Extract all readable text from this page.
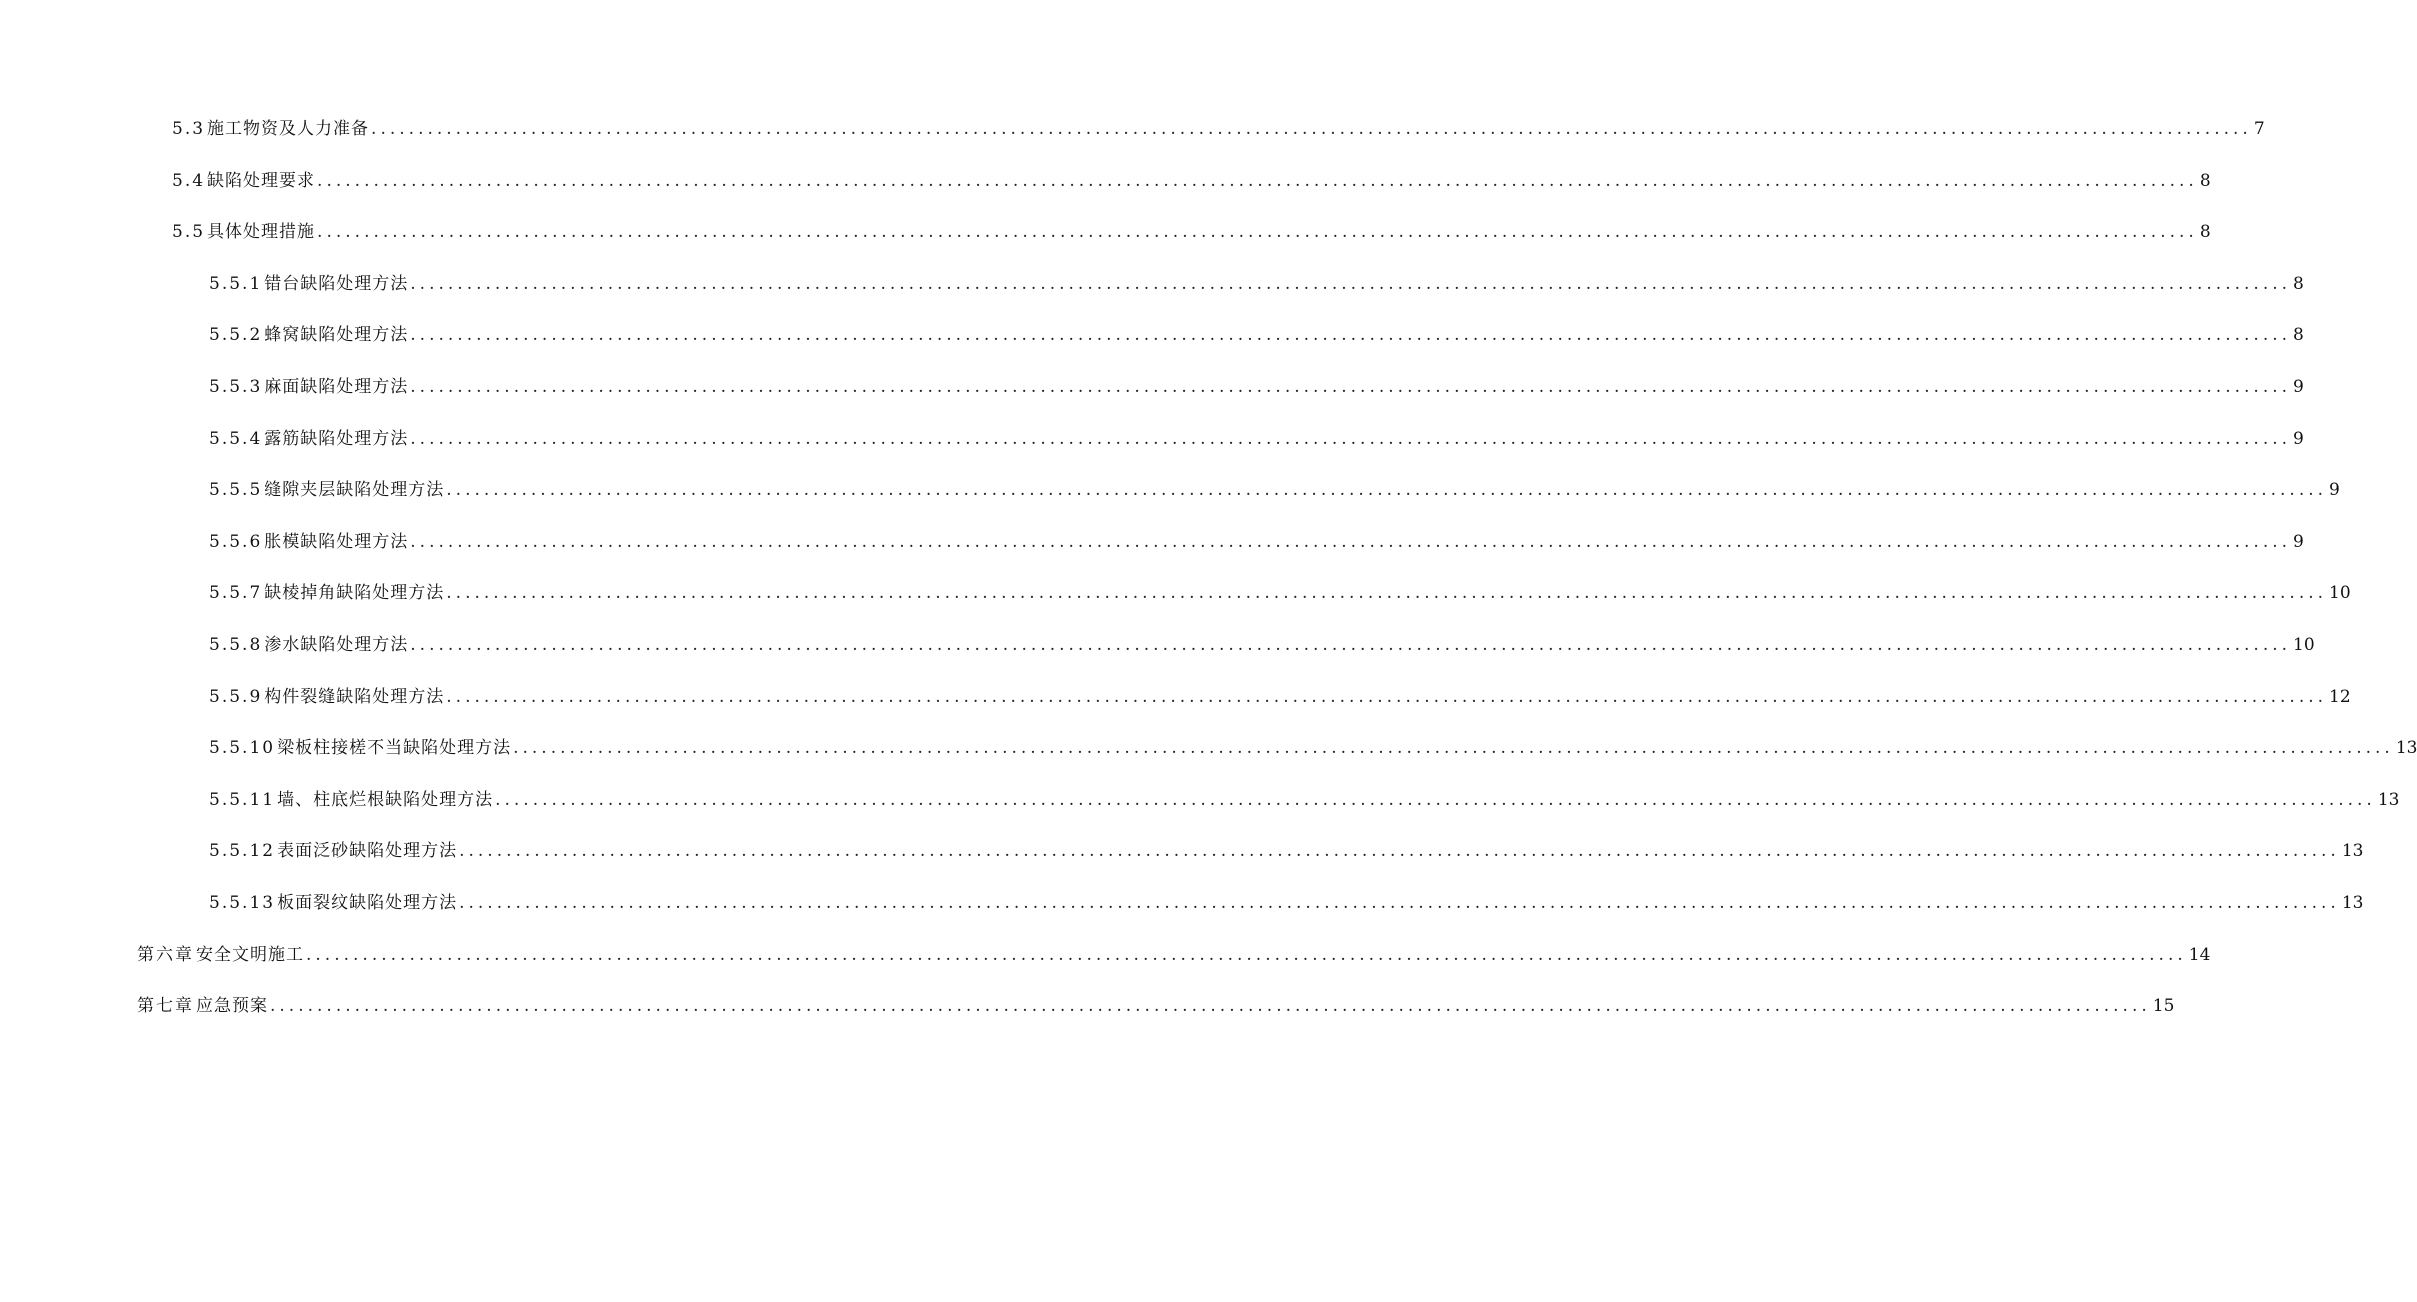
5.3 施工物资及人力准备 ........................................................................................................................................................................................................ 7
5.4 缺陷处理要求 ........................................................................................................................................................................................................ 8
5.5 具体处理措施 ........................................................................................................................................................................................................ 8
5.5.1 错台缺陷处理方法 ........................................................................................................................................................................................................ 8
5.5.2 蜂窝缺陷处理方法 ........................................................................................................................................................................................................ 8
5.5.3 麻面缺陷处理方法 ........................................................................................................................................................................................................ 9
5.5.4 露筋缺陷处理方法 ........................................................................................................................................................................................................ 9
5.5.5 缝隙夹层缺陷处理方法 ........................................................................................................................................................................................................ 9
5.5.6 胀模缺陷处理方法 ........................................................................................................................................................................................................ 9
5.5.7 缺棱掉角缺陷处理方法 ........................................................................................................................................................................................................ 10
5.5.8 渗水缺陷处理方法 ........................................................................................................................................................................................................ 10
5.5.9 构件裂缝缺陷处理方法 ........................................................................................................................................................................................................ 12
5.5.10 梁板柱接槎不当缺陷处理方法 ........................................................................................................................................................................................................ 13
5.5.11 墙、柱底烂根缺陷处理方法 ........................................................................................................................................................................................................ 13
5.5.12 表面泛砂缺陷处理方法 ........................................................................................................................................................................................................ 13
5.5.13 板面裂纹缺陷处理方法 ........................................................................................................................................................................................................ 13
第六章 安全文明施工 ........................................................................................................................................................................................................ 14
第七章 应急预案 ........................................................................................................................................................................................................ 15
